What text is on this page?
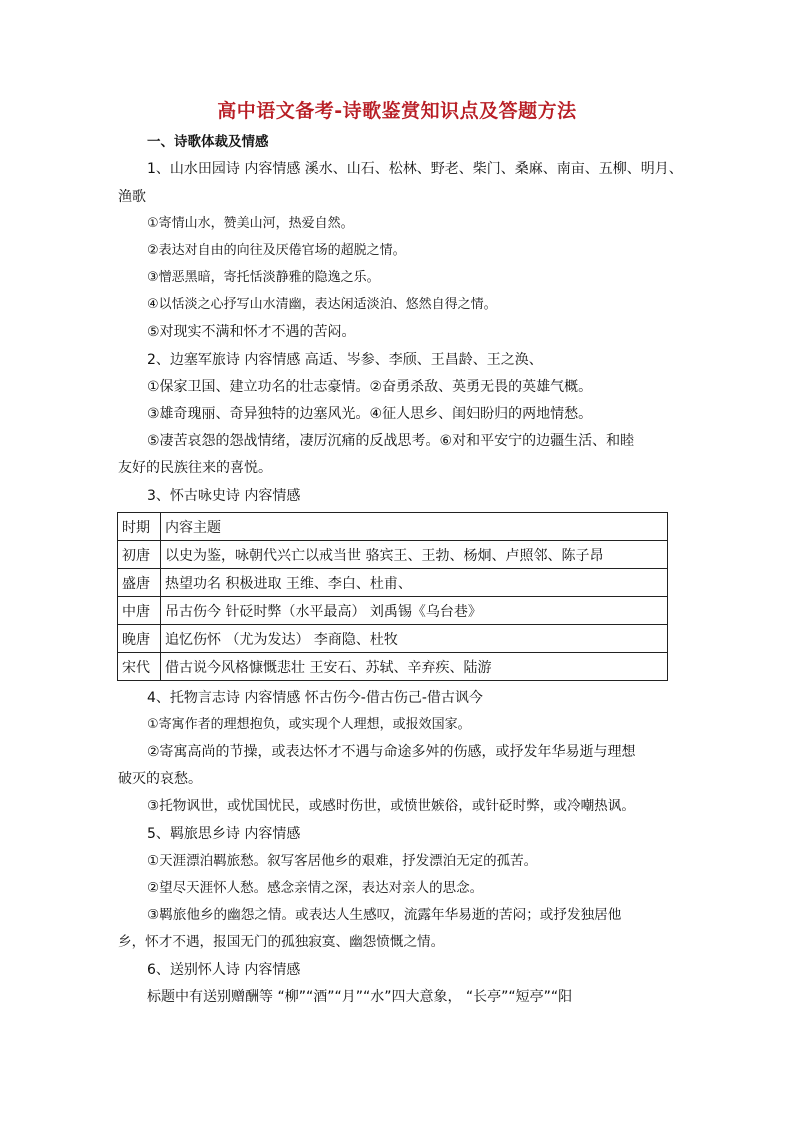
高中语文备考-诗歌鉴赏知识点及答题方法
一、诗歌体裁及情感
1、山水田园诗 内容情感 溪水、山石、松林、野老、柴门、桑麻、南亩、五柳、明月、
渔歌
①寄情山水，赞美山河，热爱自然。
②表达对自由的向往及厌倦官场的超脱之情。
③憎恶黑暗，寄托恬淡静雅的隐逸之乐。
④以恬淡之心抒写山水清幽，表达闲适淡泊、悠然自得之情。
⑤对现实不满和怀才不遇的苦闷。
2、边塞军旅诗 内容情感 高适、岑参、李颀、王昌龄、王之涣、
①保家卫国、建立功名的壮志豪情。②奋勇杀敌、英勇无畏的英雄气概。
③雄奇瑰丽、奇异独特的边塞风光。④征人思乡、闺妇盼归的两地情愁。
⑤凄苦哀怨的怨战情绪，凄厉沉痛的反战思考。⑥对和平安宁的边疆生活、和睦
友好的民族往来的喜悦。
3、怀古咏史诗 内容情感
时期	内容主题
初唐	以史为鉴，咏朝代兴亡以戒当世 骆宾王、王勃、杨炯、卢照邻、陈子昂
盛唐	热望功名 积极进取 王维、李白、杜甫、
中唐	吊古伤今 针砭时弊（水平最高） 刘禹锡《乌台巷》
晚唐	追忆伤怀 （尤为发达） 李商隐、杜牧
宋代	借古说今风格慷慨悲壮 王安石、苏轼、辛弃疾、陆游
4、托物言志诗 内容情感 怀古伤今-借古伤己-借古讽今
①寄寓作者的理想抱负，或实现个人理想，或报效国家。
②寄寓高尚的节操，或表达怀才不遇与命途多舛的伤感，或抒发年华易逝与理想
破灭的哀愁。
③托物讽世，或忧国忧民，或感时伤世，或愤世嫉俗，或针砭时弊，或冷嘲热讽。
5、羁旅思乡诗 内容情感
①天涯漂泊羁旅愁。叙写客居他乡的艰难，抒发漂泊无定的孤苦。
②望尽天涯怀人愁。感念亲情之深，表达对亲人的思念。
③羁旅他乡的幽怨之情。或表达人生感叹，流露年华易逝的苦闷；或抒发独居他
乡，怀才不遇，报国无门的孤独寂寞、幽怨愤慨之情。
6、送别怀人诗 内容情感
标题中有送别赠酬等 “柳”“酒”“月”“水”四大意象， “长亭”“短亭”“阳
